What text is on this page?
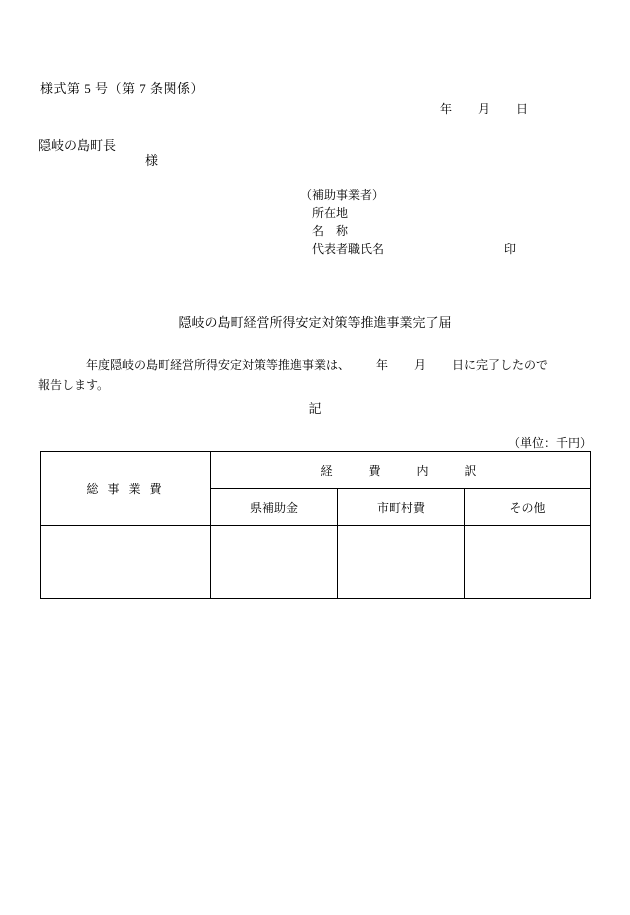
様式第 5 号（第 7 条関係）
年 月 日
隠岐の島町長
様
（補助事業者）
所在地
名　称
代表者職氏名	印
隠岐の島町経営所得安定対策等推進事業完了届
年度隠岐の島町経営所得安定対策等推進事業は、 年 月 日に完了したので
報告します。
記
（単位：千円）
総 事 業 費	経　　費　　内　　訳		
	県補助金	市町村費	その他
